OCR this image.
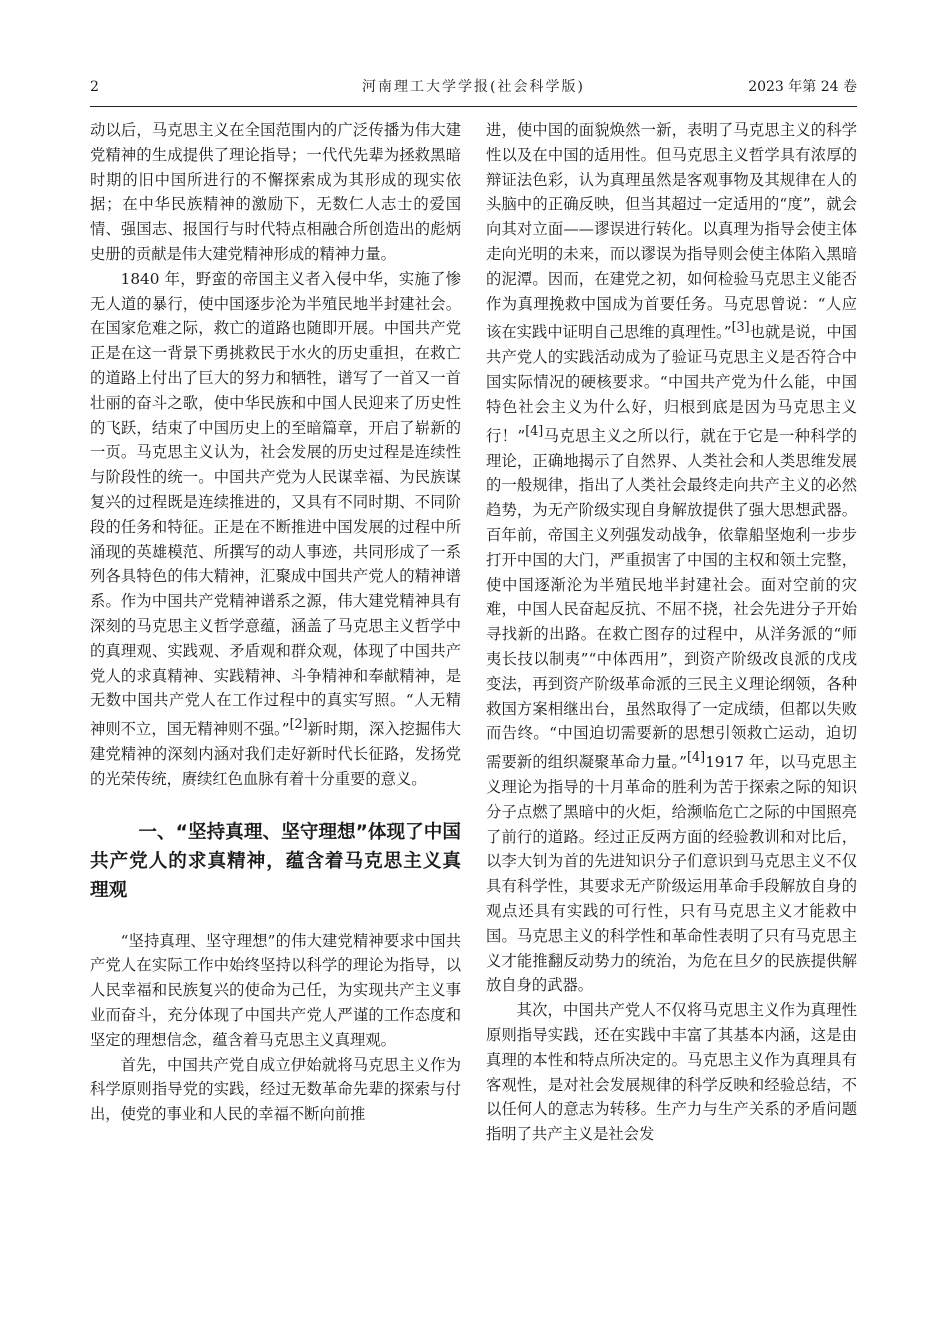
2	河南理工大学学报(社会科学版)	2023 年第 24 卷

动以后，马克思主义在全国范围内的广泛传播为伟大建党精神的生成提供了理论指导；一代代先辈为拯救黑暗时期的旧中国所进行的不懈探索成为其形成的现实依据；在中华民族精神的激励下，无数仁人志士的爱国情、强国志、报国行与时代特点相融合所创造出的彪炳史册的贡献是伟大建党精神形成的精神力量。

1840 年，野蛮的帝国主义者入侵中华，实施了惨无人道的暴行，使中国逐步沦为半殖民地半封建社会。在国家危难之际，救亡的道路也随即开展。中国共产党正是在这一背景下勇挑救民于水火的历史重担，在救亡的道路上付出了巨大的努力和牺牲，谱写了一首又一首壮丽的奋斗之歌，使中华民族和中国人民迎来了历史性的飞跃，结束了中国历史上的至暗篇章，开启了崭新的一页。马克思主义认为，社会发展的历史过程是连续性与阶段性的统一。中国共产党为人民谋幸福、为民族谋复兴的过程既是连续推进的，又具有不同时期、不同阶段的任务和特征。正是在不断推进中国发展的过程中所涌现的英雄模范、所撰写的动人事迹，共同形成了一系列各具特色的伟大精神，汇聚成中国共产党人的精神谱系。作为中国共产党精神谱系之源，伟大建党精神具有深刻的马克思主义哲学意蕴，涵盖了马克思主义哲学中的真理观、实践观、矛盾观和群众观，体现了中国共产党人的求真精神、实践精神、斗争精神和奉献精神，是无数中国共产党人在工作过程中的真实写照。“人无精神则不立，国无精神则不强。”[2]新时期，深入挖掘伟大建党精神的深刻内涵对我们走好新时代长征路，发扬党的光荣传统，赓续红色血脉有着十分重要的意义。

一、“坚持真理、坚守理想”体现了中国共产党人的求真精神，蕴含着马克思主义真理观

“坚持真理、坚守理想”的伟大建党精神要求中国共产党人在实际工作中始终坚持以科学的理论为指导，以人民幸福和民族复兴的使命为己任，为实现共产主义事业而奋斗，充分体现了中国共产党人严谨的工作态度和坚定的理想信念，蕴含着马克思主义真理观。

首先，中国共产党自成立伊始就将马克思主义作为科学原则指导党的实践，经过无数革命先辈的探索与付出，使党的事业和人民的幸福不断向前推

进，使中国的面貌焕然一新，表明了马克思主义的科学性以及在中国的适用性。但马克思主义哲学具有浓厚的辩证法色彩，认为真理虽然是客观事物及其规律在人的头脑中的正确反映，但当其超过一定适用的“度”，就会向其对立面——谬误进行转化。以真理为指导会使主体走向光明的未来，而以谬误为指导则会使主体陷入黑暗的泥潭。因而，在建党之初，如何检验马克思主义能否作为真理挽救中国成为首要任务。马克思曾说：“人应该在实践中证明自己思维的真理性。”[3]也就是说，中国共产党人的实践活动成为了验证马克思主义是否符合中国实际情况的硬核要求。“中国共产党为什么能，中国特色社会主义为什么好，归根到底是因为马克思主义行！”[4]马克思主义之所以行，就在于它是一种科学的理论，正确地揭示了自然界、人类社会和人类思维发展的一般规律，指出了人类社会最终走向共产主义的必然趋势，为无产阶级实现自身解放提供了强大思想武器。百年前，帝国主义列强发动战争，依靠船坚炮利一步步打开中国的大门，严重损害了中国的主权和领土完整，使中国逐渐沦为半殖民地半封建社会。面对空前的灾难，中国人民奋起反抗、不屈不挠，社会先进分子开始寻找新的出路。在救亡图存的过程中，从洋务派的“师夷长技以制夷”“中体西用”，到资产阶级改良派的戊戌变法，再到资产阶级革命派的三民主义理论纲领，各种救国方案相继出台，虽然取得了一定成绩，但都以失败而告终。“中国迫切需要新的思想引领救亡运动，迫切需要新的组织凝聚革命力量。”[4]1917 年，以马克思主义理论为指导的十月革命的胜利为苦于探索之际的知识分子点燃了黑暗中的火炬，给濒临危亡之际的中国照亮了前行的道路。经过正反两方面的经验教训和对比后，以李大钊为首的先进知识分子们意识到马克思主义不仅具有科学性，其要求无产阶级运用革命手段解放自身的观点还具有实践的可行性，只有马克思主义才能救中国。马克思主义的科学性和革命性表明了只有马克思主义才能推翻反动势力的统治，为危在旦夕的民族提供解放自身的武器。

其次，中国共产党人不仅将马克思主义作为真理性原则指导实践，还在实践中丰富了其基本内涵，这是由真理的本性和特点所决定的。马克思主义作为真理具有客观性，是对社会发展规律的科学反映和经验总结，不以任何人的意志为转移。生产力与生产关系的矛盾问题指明了共产主义是社会发
